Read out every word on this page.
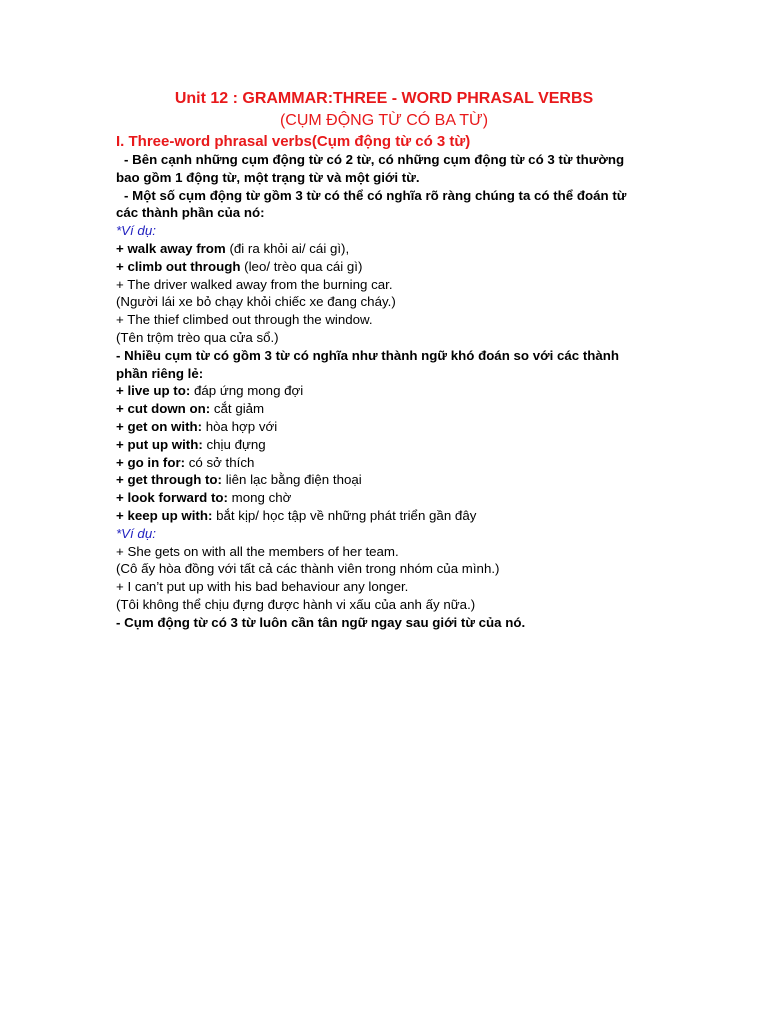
Unit 12 : GRAMMAR:THREE - WORD PHRASAL VERBS
(CỤM ĐỘNG TỪ CÓ BA TỪ)
I. Three-word phrasal verbs(Cụm động từ có 3 từ)
- Bên cạnh những cụm động từ có 2 từ, có những cụm động từ có 3 từ thường
bao gồm 1 động từ, một trạng từ và một giới từ.
- Một số cụm động từ gồm 3 từ có thể có nghĩa rõ ràng chúng ta có thể đoán từ
các thành phần của nó:
*Ví dụ:
+ walk away from (đi ra khỏi ai/ cái gì),
+ climb out through (leo/ trèo qua cái gì)
+ The driver walked away from the burning car.
(Người lái xe bỏ chạy khỏi chiếc xe đang cháy.)
+ The thief climbed out through the window.
(Tên trộm trèo qua cửa sổ.)
- Nhiều cụm từ có gồm 3 từ có nghĩa như thành ngữ khó đoán so với các thành
phần riêng lẻ:
+ live up to: đáp ứng mong đợi
+ cut down on: cắt giảm
+ get on with: hòa hợp với
+ put up with: chịu đựng
+ go in for: có sở thích
+ get through to: liên lạc bằng điện thoại
+ look forward to: mong chờ
+ keep up with: bắt kịp/ học tập về những phát triển gần đây
*Ví dụ:
+ She gets on with all the members of her team.
(Cô ấy hòa đồng với tất cả các thành viên trong nhóm của mình.)
+ I can’t put up with his bad behaviour any longer.
(Tôi không thể chịu đựng được hành vi xấu của anh ấy nữa.)
- Cụm động từ có 3 từ luôn cần tân ngữ ngay sau giới từ của nó.
